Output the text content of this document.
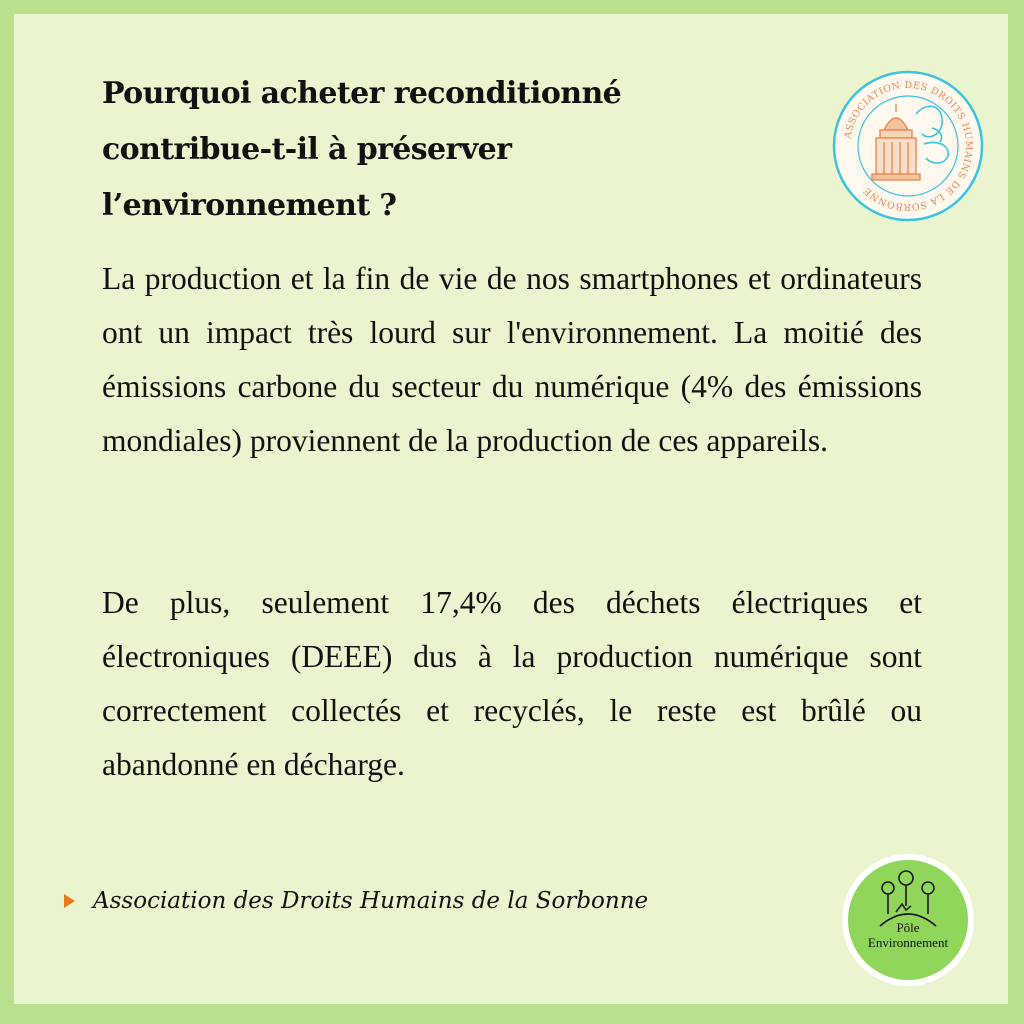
Pourquoi acheter reconditionné
contribue-t-il à préserver
l’environnement ?
ASSOCIATION DES DROITS HUMAINS DE LA SORBONNE

La production et la fin de vie de nos smartphones et ordinateurs ont un impact très lourd sur l'environnement. La moitié des émissions carbone du secteur du numérique (4% des émissions mondiales) proviennent de la production de ces appareils.

De plus, seulement 17,4% des déchets électriques et électroniques (DEEE) dus à la production numérique sont correctement collectés et recyclés, le reste est brûlé ou abandonné en décharge.

Association des Droits Humains de la Sorbonne
Pôle
Environnement
